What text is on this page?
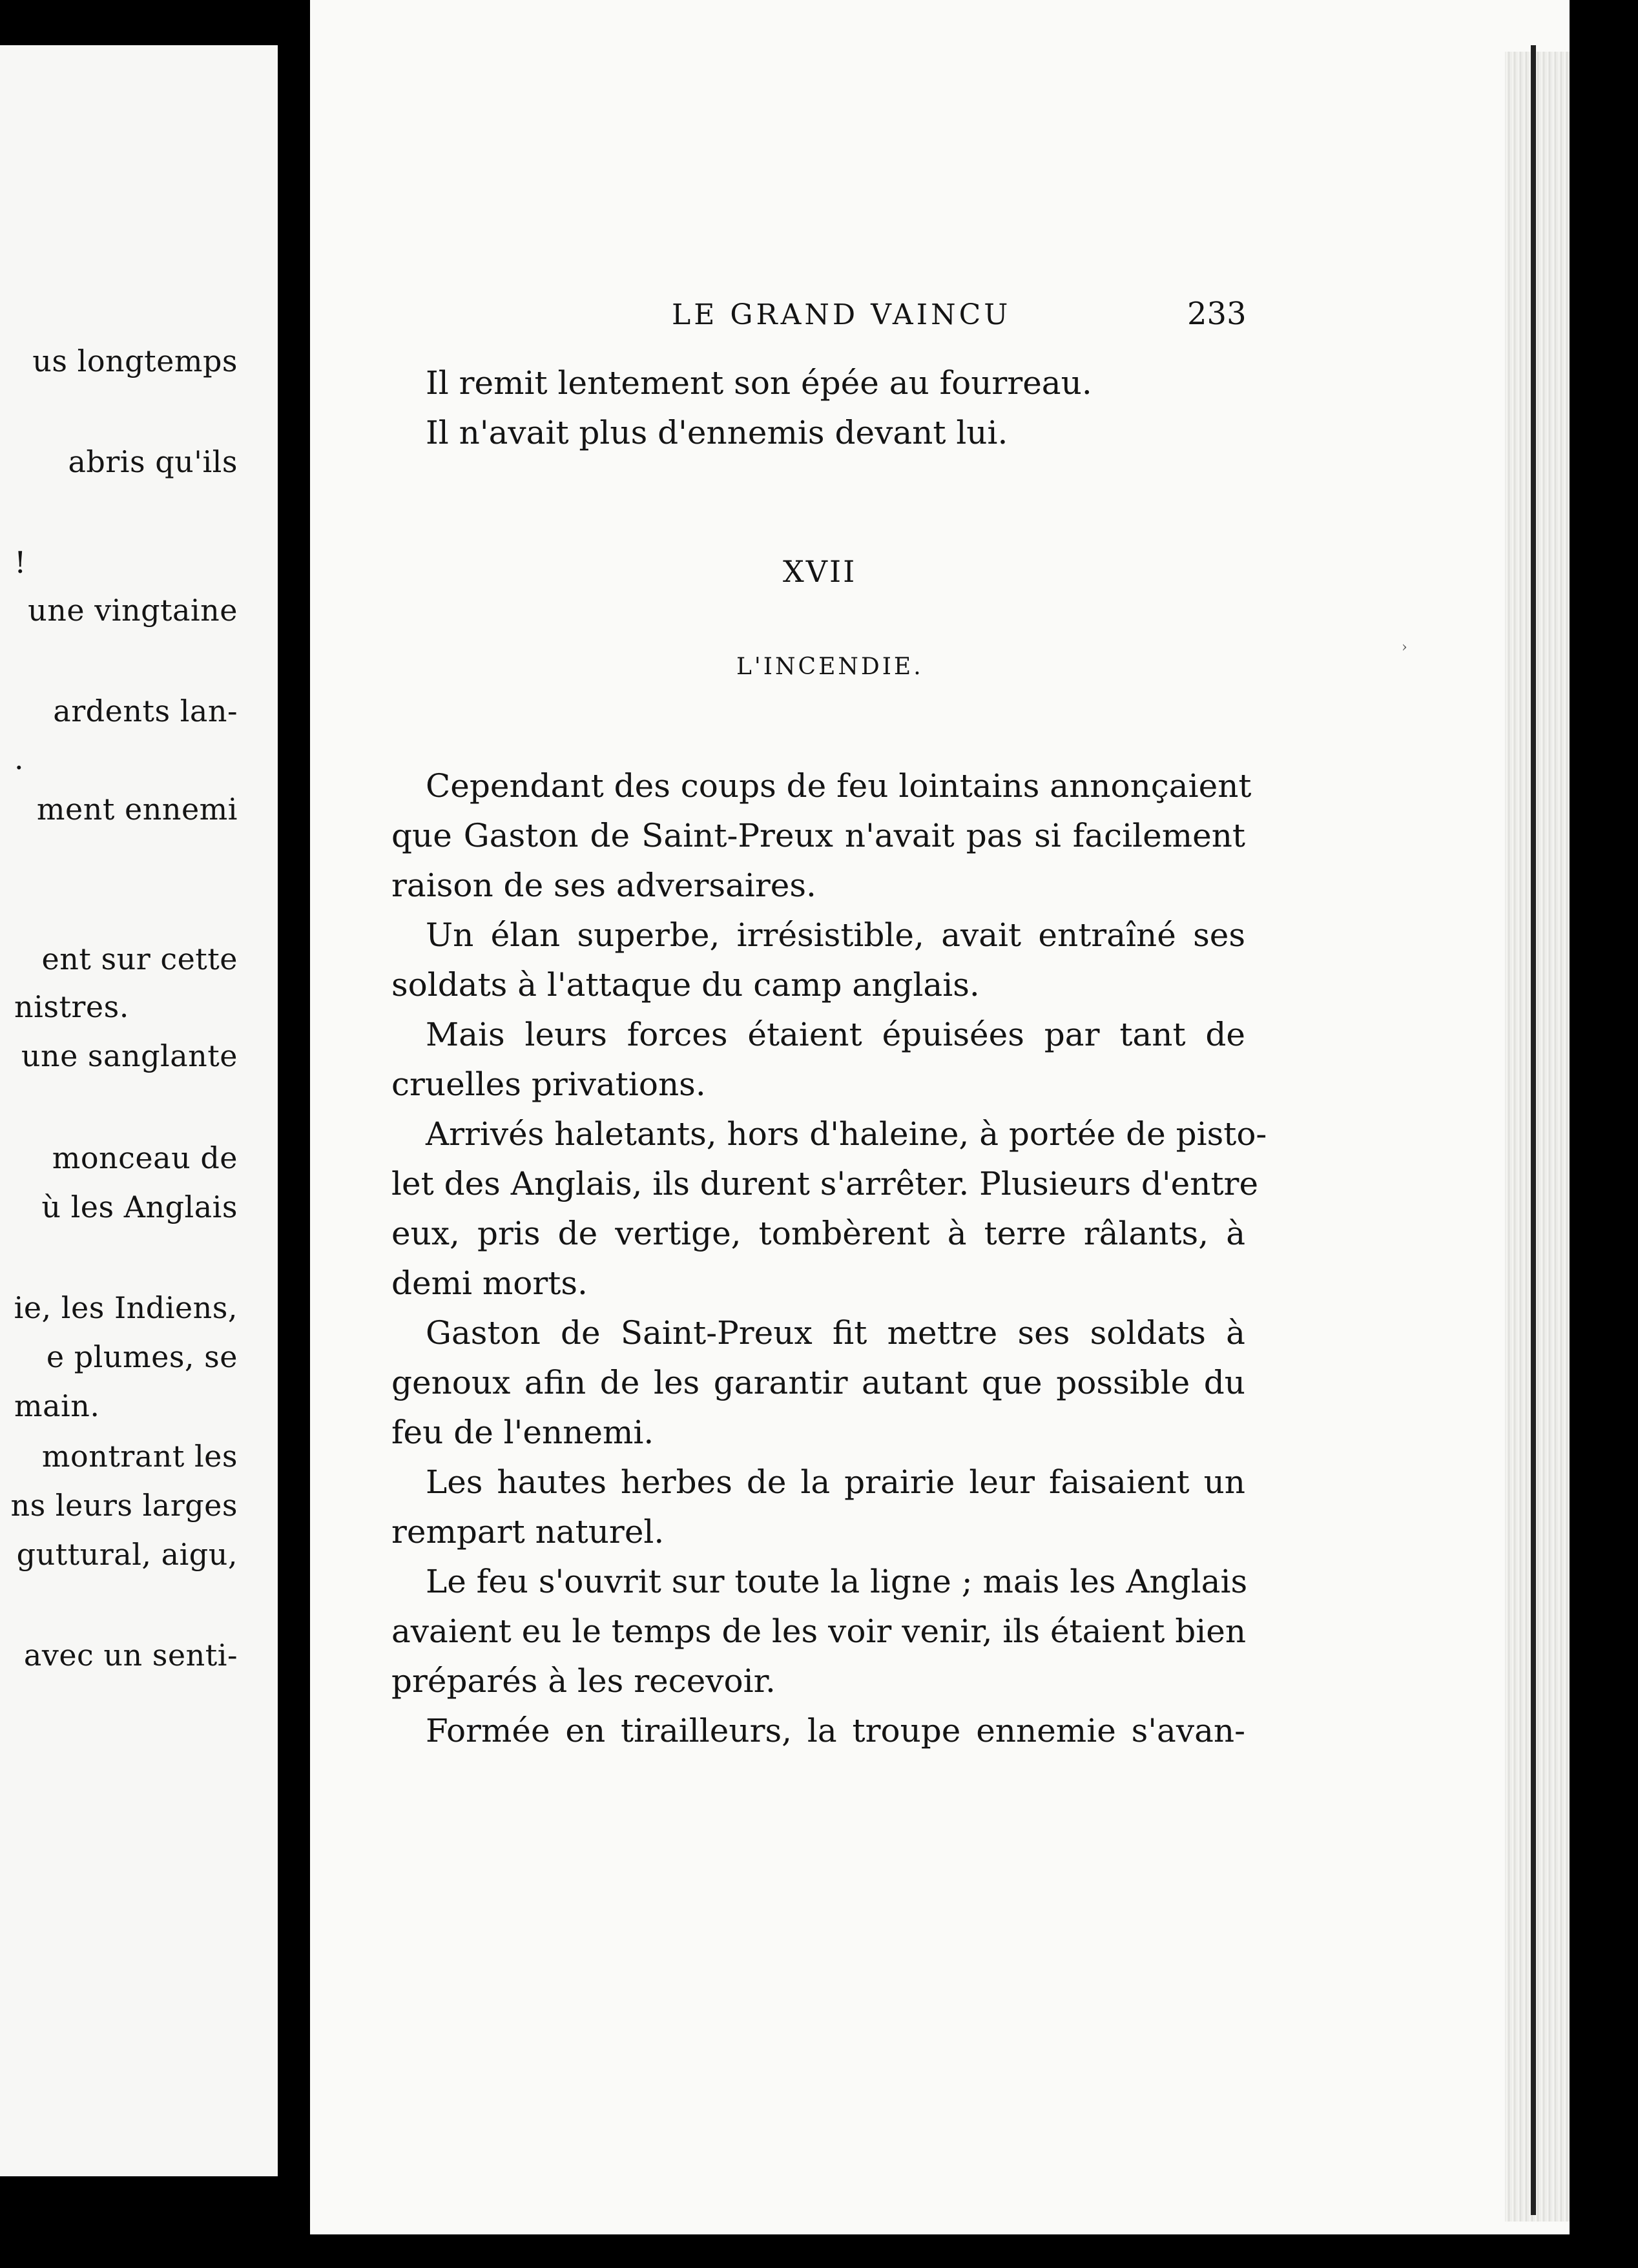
us longtemps
abris qu'ils
!
une vingtaine
ardents lan-
.
ment ennemi
ent sur cette
nistres.
une sanglante
monceau de
ù les Anglais
ie, les Indiens,
e plumes, se
main.
montrant les
ns leurs larges
guttural, aigu,
avec un senti-
LE GRAND VAINCU	233
Il remit lentement son épée au fourreau.
Il n'avait plus d'ennemis devant lui.
XVII
L'INCENDIE.
›
Cependant des coups de feu lointains annonçaient
que Gaston de Saint-Preux n'avait pas si facilement
raison de ses adversaires.
Un élan superbe, irrésistible, avait entraîné ses
soldats à l'attaque du camp anglais.
Mais leurs forces étaient épuisées par tant de
cruelles privations.
Arrivés haletants, hors d'haleine, à portée de pisto-
let des Anglais, ils durent s'arrêter. Plusieurs d'entre
eux, pris de vertige, tombèrent à terre râlants, à
demi morts.
Gaston de Saint-Preux fit mettre ses soldats à
genoux afin de les garantir autant que possible du
feu de l'ennemi.
Les hautes herbes de la prairie leur faisaient un
rempart naturel.
Le feu s'ouvrit sur toute la ligne ; mais les Anglais
avaient eu le temps de les voir venir, ils étaient bien
préparés à les recevoir.
Formée en tirailleurs, la troupe ennemie s'avan-
